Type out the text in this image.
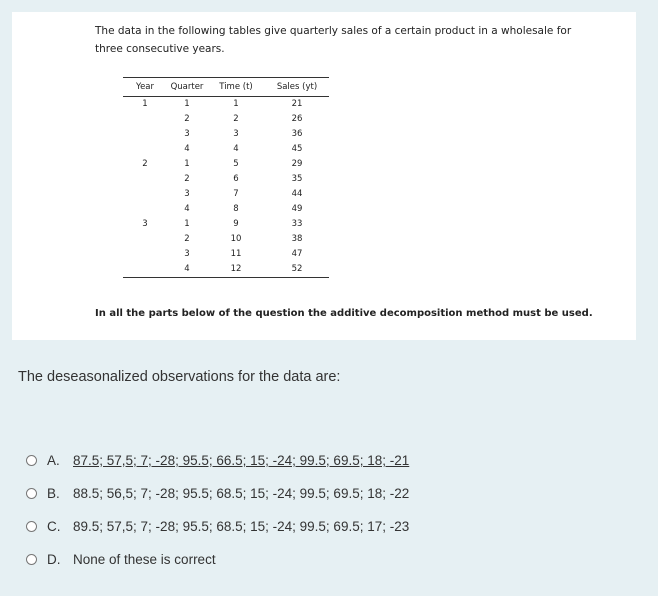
The data in the following tables give quarterly sales of a certain product in a wholesale for three consecutive years.
Year	Quarter	Time (t)	Sales (yt)
1	1	1	21
	2	2	26
	3	3	36
	4	4	45
2	1	5	29
	2	6	35
	3	7	44
	4	8	49
3	1	9	33
	2	10	38
	3	11	47
	4	12	52
In all the parts below of the question the additive decomposition method must be used.
The deseasonalized observations for the data are:
A. 87.5; 57,5; 7; -28; 95.5; 66.5; 15; -24; 99.5; 69.5; 18; -21
B. 88.5; 56,5; 7; -28; 95.5; 68.5; 15; -24; 99.5; 69.5; 18; -22
C. 89.5; 57,5; 7; -28; 95.5; 68.5; 15; -24; 99.5; 69.5; 17; -23
D. None of these is correct
